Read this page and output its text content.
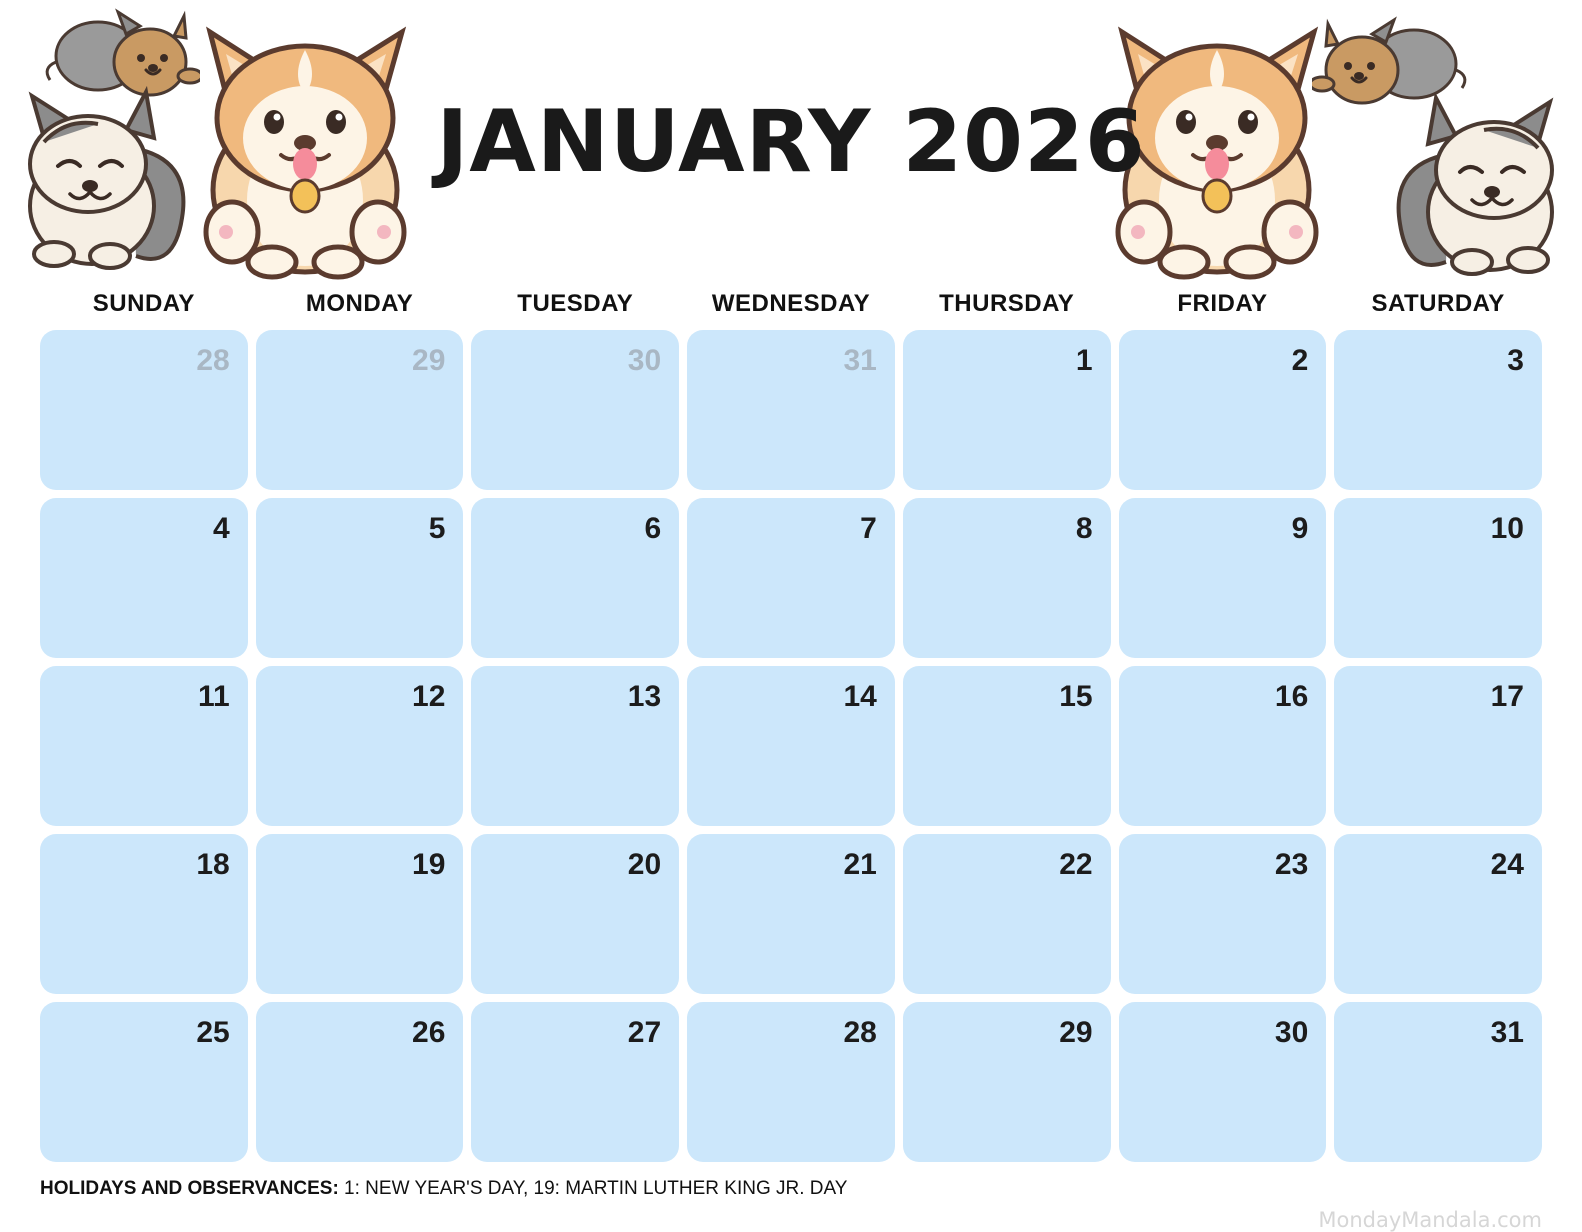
JANUARY 2026
SUNDAY	MONDAY	TUESDAY	WEDNESDAY	THURSDAY	FRIDAY	SATURDAY
28	29	30	31	1	2	3
4	5	6	7	8	9	10
11	12	13	14	15	16	17
18	19	20	21	22	23	24
25	26	27	28	29	30	31
HOLIDAYS AND OBSERVANCES: 1: NEW YEAR'S DAY, 19: MARTIN LUTHER KING JR. DAY
MondayMandala.com
